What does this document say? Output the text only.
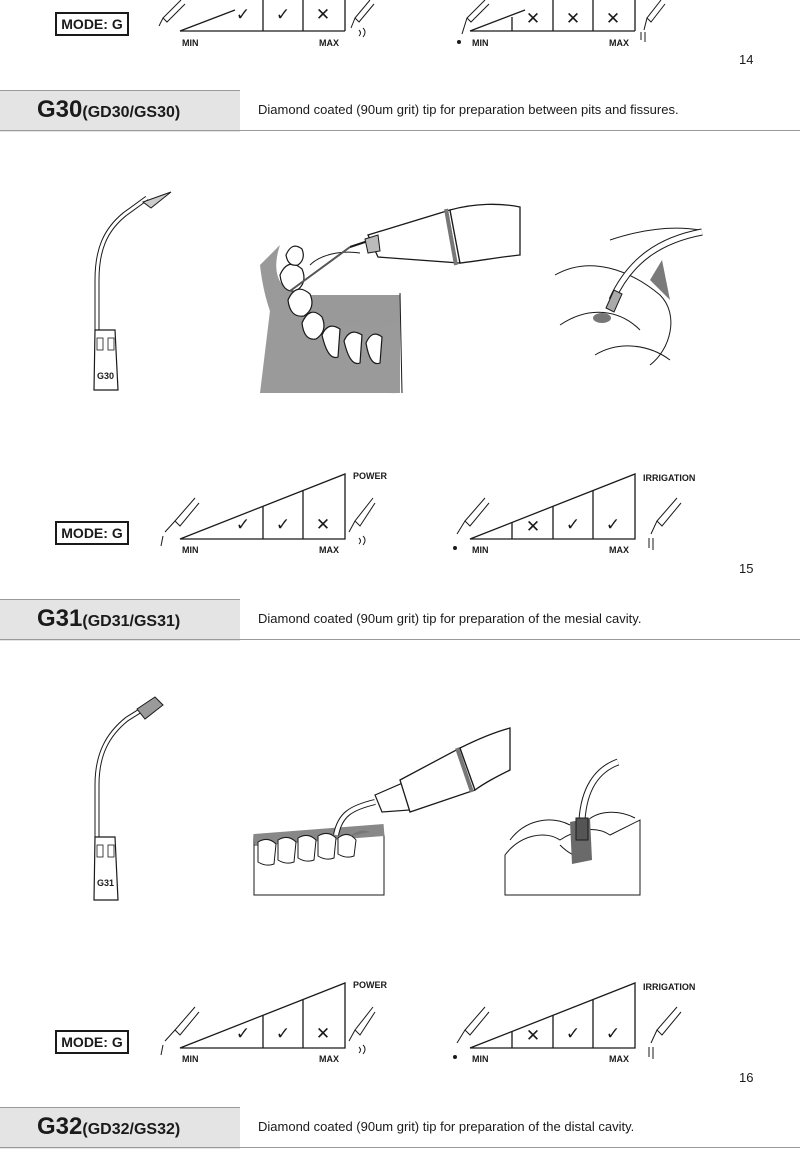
MODE: G	✓ ✓ ✕
MIN	MAX
✕ ✕ ✕
MIN	MAX
14
G30(GD30/GS30)	Diamond coated (90um grit) tip for preparation between pits and fissures.
G30
MODE: G
POWER
✓ ✓ ✕
MIN	MAX
IRRIGATION
✕ ✓ ✓
MIN	MAX
15
G31(GD31/GS31)	Diamond coated (90um grit) tip for preparation of the mesial cavity.
G31
MODE: G
POWER
✓ ✓ ✕
MIN	MAX
IRRIGATION
✕ ✓ ✓
MIN	MAX
16
G32(GD32/GS32)	Diamond coated (90um grit) tip for preparation of the distal cavity.
